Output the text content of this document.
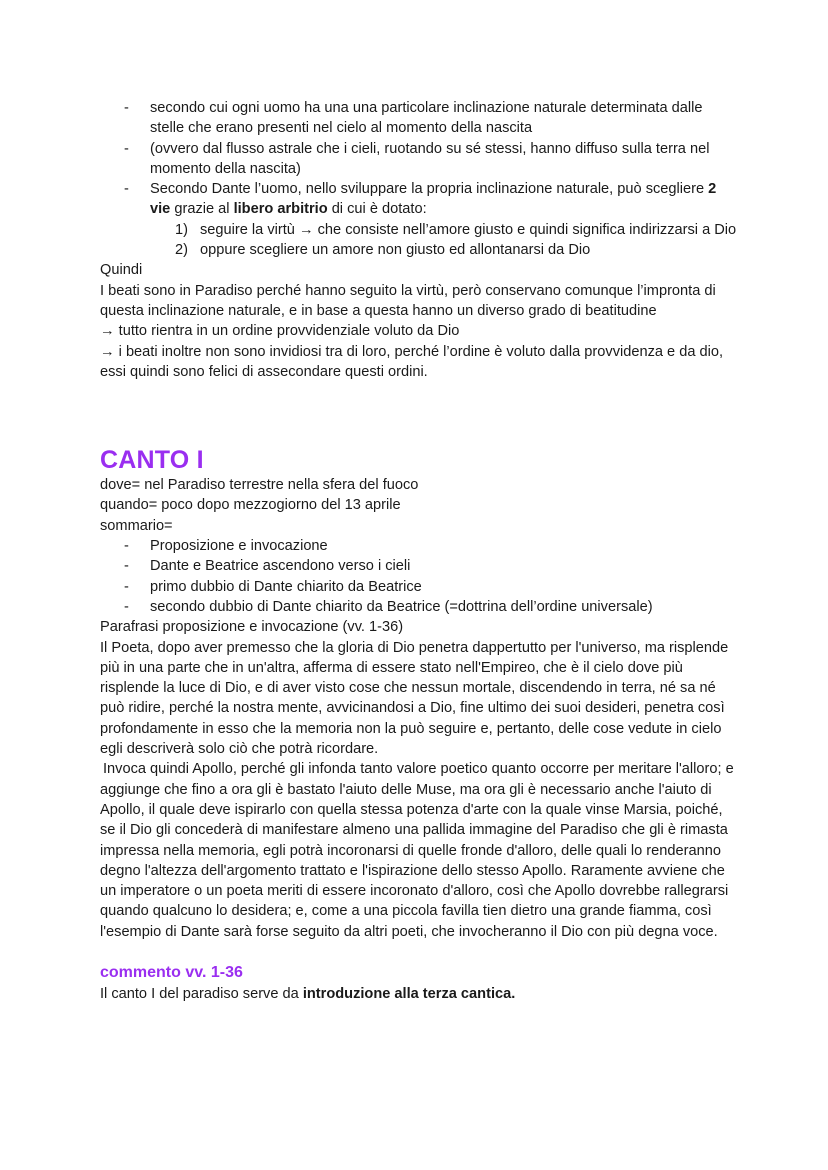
- secondo cui ogni uomo ha una una particolare inclinazione naturale determinata dalle stelle che erano presenti nel cielo al momento della nascita
- (ovvero dal flusso astrale che i cieli, ruotando su sé stessi, hanno diffuso sulla terra nel momento della nascita)
- Secondo Dante l’uomo, nello sviluppare la propria inclinazione naturale, può scegliere 2 vie grazie al libero arbitrio di cui è dotato:
1) seguire la virtù → che consiste nell’amore giusto e quindi significa indirizzarsi a Dio
2) oppure scegliere un amore non giusto ed allontanarsi da Dio

Quindi

I beati sono in Paradiso perché hanno seguito la virtù, però conservano comunque l’impronta di questa inclinazione naturale, e in base a questa hanno un diverso grado di beatitudine

→ tutto rientra in un ordine provvidenziale voluto da Dio

→ i beati inoltre non sono invidiosi tra di loro, perché l’ordine è voluto dalla provvidenza e da dio, essi quindi sono felici di assecondare questi ordini.

CANTO I

dove= nel Paradiso terrestre nella sfera del fuoco

quando= poco dopo mezzogiorno del 13 aprile

sommario=

- Proposizione e invocazione
- Dante e Beatrice ascendono verso i cieli
- primo dubbio di Dante chiarito da Beatrice
- secondo dubbio di Dante chiarito da Beatrice (=dottrina dell’ordine universale)

Parafrasi proposizione e invocazione (vv. 1-36)

Il Poeta, dopo aver premesso che la gloria di Dio penetra dappertutto per l'universo, ma risplende più in una parte che in un'altra, afferma di essere stato nell'Empireo, che è il cielo dove più risplende la luce di Dio, e di aver visto cose che nessun mortale, discendendo in terra, né sa né può ridire, perché la nostra mente, avvicinandosi a Dio, fine ultimo dei suoi desideri, penetra così profondamente in esso che la memoria non la può seguire e, pertanto, delle cose vedute in cielo egli descriverà solo ciò che potrà ricordare.

Invoca quindi Apollo, perché gli infonda tanto valore poetico quanto occorre per meritare l'alloro; e aggiunge che fino a ora gli è bastato l'aiuto delle Muse, ma ora gli è necessario anche l'aiuto di Apollo, il quale deve ispirarlo con quella stessa potenza d'arte con la quale vinse Marsia, poiché, se il Dio gli concederà di manifestare almeno una pallida immagine del Paradiso che gli è rimasta impressa nella memoria, egli potrà incoronarsi di quelle fronde d'alloro, delle quali lo renderanno degno l'altezza dell'argomento trattato e l'ispirazione dello stesso Apollo. Raramente avviene che un imperatore o un poeta meriti di essere incoronato d'alloro, così che Apollo dovrebbe rallegrarsi quando qualcuno lo desidera; e, come a una piccola favilla tien dietro una grande fiamma, così l'esempio di Dante sarà forse seguito da altri poeti, che invocheranno il Dio con più degna voce.

commento vv. 1-36

Il canto I del paradiso serve da introduzione alla terza cantica.
